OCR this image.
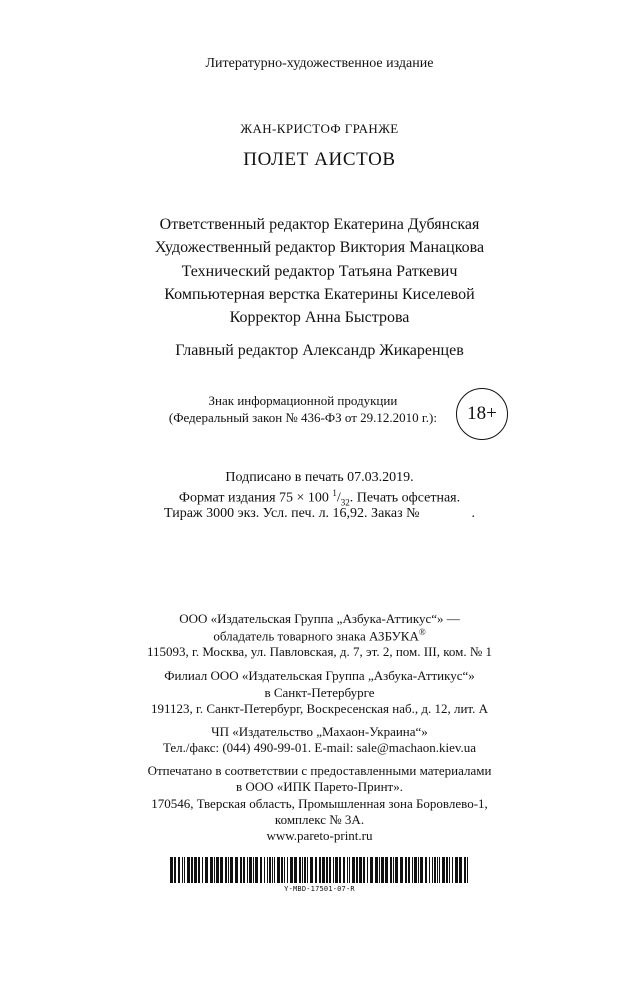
Литературно-художественное издание
ЖАН-КРИСТОФ ГРАНЖЕ
ПОЛЕТ АИСТОВ
Ответственный редактор Екатерина Дубянская
Художественный редактор Виктория Манацкова
Технический редактор Татьяна Раткевич
Компьютерная верстка Екатерины Киселевой
Корректор Анна Быстрова
Главный редактор Александр Жикаренцев
Знак информационной продукции
(Федеральный закон № 436-ФЗ от 29.12.2010 г.): 18+
Подписано в печать 07.03.2019.
Формат издания 75 × 100 $^1/_{32}$. Печать офсетная.
Тираж 3000 экз. Усл. печ. л. 16,92. Заказ №	.
ООО «Издательская Группа „Азбука-Аттикус“» —
обладатель товарного знака АЗБУКА®
115093, г. Москва, ул. Павловская, д. 7, эт. 2, пом. III, ком. № 1
Филиал ООО «Издательская Группа „Азбука-Аттикус“»
в Санкт-Петербурге
191123, г. Санкт-Петербург, Воскресенская наб., д. 12, лит. А
ЧП «Издательство „Махаон-Украина“»
Тел./факс: (044) 490-99-01. E-mail: sale@machaon.kiev.ua
Отпечатано в соответствии с предоставленными материалами
в ООО «ИПК Парето-Принт».
170546, Тверская область, Промышленная зона Боровлево-1,
комплекс № 3А.
www.pareto-print.ru
Y-MBD-17501-07-R
